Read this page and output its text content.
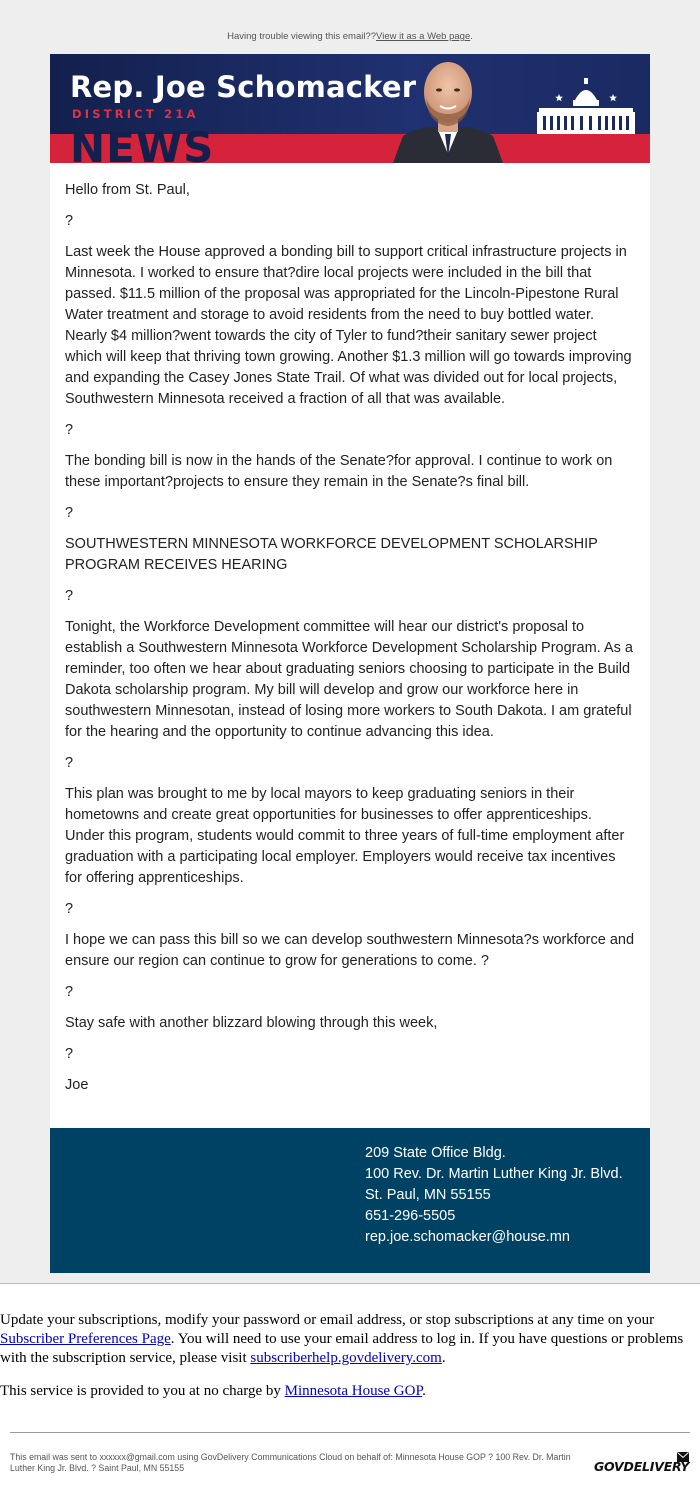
Having trouble viewing this email??View it as a Web page.
Rep. Joe Schomacker
DISTRICT 21A
NEWS

Hello from St. Paul,

?

Last week the House approved a bonding bill to support critical infrastructure projects in Minnesota. I worked to ensure that?dire local projects were included in the bill that passed. $11.5 million of the proposal was appropriated for the Lincoln-Pipestone Rural Water treatment and storage to avoid residents from the need to buy bottled water. Nearly $4 million?went towards the city of Tyler to fund?their sanitary sewer project which will keep that thriving town growing. Another $1.3 million will go towards improving and expanding the Casey Jones State Trail. Of what was divided out for local projects, Southwestern Minnesota received a fraction of all that was available.

?

The bonding bill is now in the hands of the Senate?for approval. I continue to work on these important?projects to ensure they remain in the Senate?s final bill.

?

SOUTHWESTERN MINNESOTA WORKFORCE DEVELOPMENT SCHOLARSHIP PROGRAM RECEIVES HEARING

?

Tonight, the Workforce Development committee will hear our district's proposal to establish a Southwestern Minnesota Workforce Development Scholarship Program. As a reminder, too often we hear about graduating seniors choosing to participate in the Build Dakota scholarship program. My bill will develop and grow our workforce here in southwestern Minnesotan, instead of losing more workers to South Dakota. I am grateful for the hearing and the opportunity to continue advancing this idea.

?

This plan was brought to me by local mayors to keep graduating seniors in their hometowns and create great opportunities for businesses to offer apprenticeships. Under this program, students would commit to three years of full-time employment after graduation with a participating local employer. Employers would receive tax incentives for offering apprenticeships.

?

I hope we can pass this bill so we can develop southwestern Minnesota?s workforce and ensure our region can continue to grow for generations to come. ?

?

Stay safe with another blizzard blowing through this week,

?

Joe

209 State Office Bldg.
100 Rev. Dr. Martin Luther King Jr. Blvd.
St. Paul, MN 55155
651-296-5505
rep.joe.schomacker@house.mn

Update your subscriptions, modify your password or email address, or stop subscriptions at any time on your Subscriber Preferences Page. You will need to use your email address to log in. If you have questions or problems with the subscription service, please visit subscriberhelp.govdelivery.com.

This service is provided to you at no charge by Minnesota House GOP.

This email was sent to xxxxxx@gmail.com using GovDelivery Communications Cloud on behalf of: Minnesota House GOP ? 100 Rev. Dr. Martin Luther King Jr. Blvd. ? Saint Paul, MN 55155	GOVDELIVERY
